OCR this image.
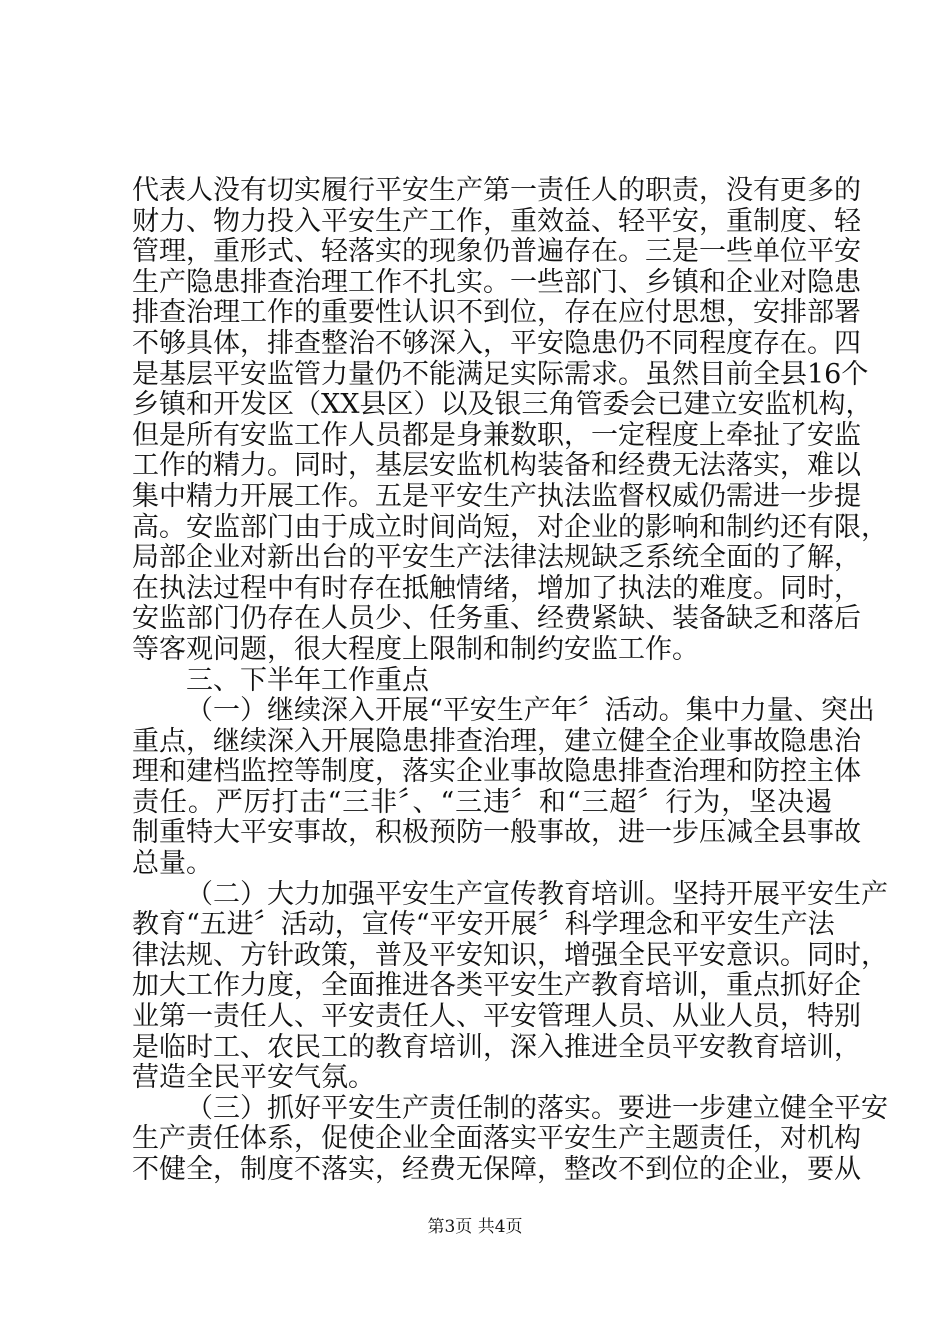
代表人没有切实履行平安生产第一责任人的职责，没有更多的
财力、物力投入平安生产工作，重效益、轻平安，重制度、轻
管理，重形式、轻落实的现象仍普遍存在。三是一些单位平安
生产隐患排查治理工作不扎实。一些部门、乡镇和企业对隐患
排查治理工作的重要性认识不到位，存在应付思想，安排部署
不够具体，排查整治不够深入，平安隐患仍不同程度存在。四
是基层平安监管力量仍不能满足实际需求。虽然目前全县16个
乡镇和开发区（XX县区）以及银三角管委会已建立安监机构，
但是所有安监工作人员都是身兼数职，一定程度上牵扯了安监
工作的精力。同时，基层安监机构装备和经费无法落实，难以
集中精力开展工作。五是平安生产执法监督权威仍需进一步提
高。安监部门由于成立时间尚短，对企业的影响和制约还有限，
局部企业对新出台的平安生产法律法规缺乏系统全面的了解，
在执法过程中有时存在抵触情绪，增加了执法的难度。同时，
安监部门仍存在人员少、任务重、经费紧缺、装备缺乏和落后
等客观问题，很大程度上限制和制约安监工作。
三、下半年工作重点
（一）继续深入开展“平安生产年〞活动。集中力量、突出
重点，继续深入开展隐患排查治理，建立健全企业事故隐患治
理和建档监控等制度，落实企业事故隐患排查治理和防控主体
责任。严厉打击“三非〞、“三违〞和“三超〞行为，坚决遏
制重特大平安事故，积极预防一般事故，进一步压减全县事故
总量。
（二）大力加强平安生产宣传教育培训。坚持开展平安生产
教育“五进〞活动，宣传“平安开展〞科学理念和平安生产法
律法规、方针政策，普及平安知识，增强全民平安意识。同时，
加大工作力度，全面推进各类平安生产教育培训，重点抓好企
业第一责任人、平安责任人、平安管理人员、从业人员，特别
是临时工、农民工的教育培训，深入推进全员平安教育培训，
营造全民平安气氛。
（三）抓好平安生产责任制的落实。要进一步建立健全平安
生产责任体系，促使企业全面落实平安生产主题责任，对机构
不健全，制度不落实，经费无保障，整改不到位的企业，要从
第3页 共4页
